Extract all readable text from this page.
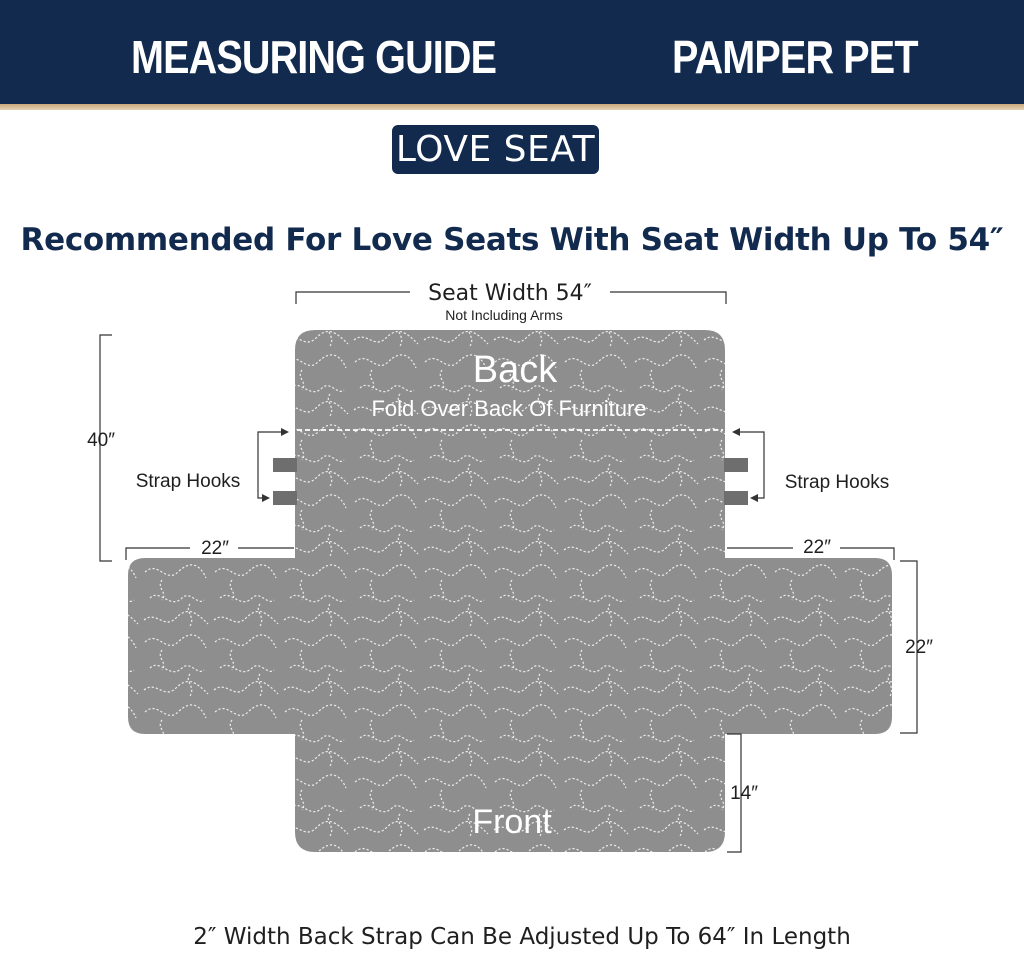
MEASURING GUIDE	PAMPER PET
LOVE SEAT
Recommended For Love Seats With Seat Width Up To 54″
Seat Width 54″
Not Including Arms
Back
Fold Over Back Of Furniture
Front
Strap Hooks	Strap Hooks
40″
22″	22″
22″
14″
2″ Width Back Strap Can Be Adjusted Up To 64″ In Length
